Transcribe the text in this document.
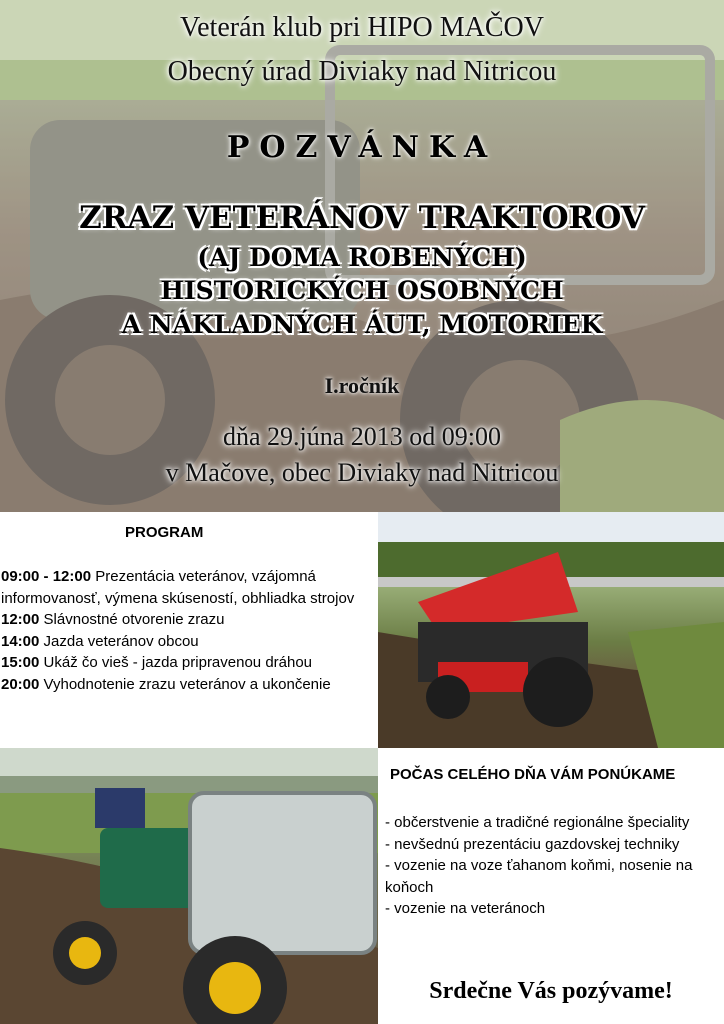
Veterán klub pri HIPO MAČOV
Obecný úrad Diviaky nad Nitricou
POZVÁNKA
ZRAZ VETERÁNOV TRAKTOROV
(AJ DOMA ROBENÝCH)
HISTORICKÝCH OSOBNÝCH
A NÁKLADNÝCH ÁUT, MOTORIEK
I.ročník
dňa 29.júna 2013 od 09:00
v Mačove, obec Diviaky nad Nitricou
PROGRAM
09:00 - 12:00 Prezentácia veteránov, vzájomná informovanosť, výmena skúseností, obhliadka strojov
12:00 Slávnostné otvorenie zrazu
14:00 Jazda veteránov obcou
15:00 Ukáž čo vieš - jazda pripravenou dráhou
20:00 Vyhodnotenie zrazu veteránov a ukončenie
POČAS CELÉHO DŇA VÁM PONÚKAME
- občerstvenie a tradičné regionálne špeciality
- nevšednú prezentáciu gazdovskej techniky
- vozenie na voze ťahanom koňmi, nosenie na koňoch
- vozenie na veteránoch
Srdečne Vás pozývame!
